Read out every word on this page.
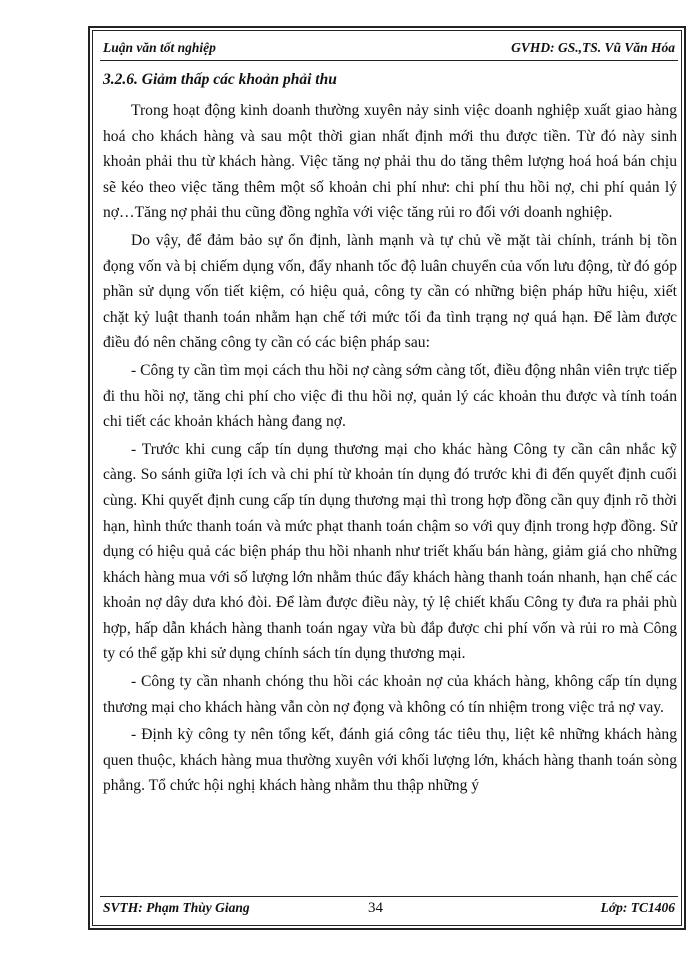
Luận văn tốt nghiệp	GVHD: GS.,TS. Vũ Văn Hóa
3.2.6. Giảm thấp các khoản phải thu

Trong hoạt động kinh doanh thường xuyên nảy sinh việc doanh nghiệp xuất giao hàng hoá cho khách hàng và sau một thời gian nhất định mới thu được tiền. Từ đó này sinh khoản phải thu từ khách hàng. Việc tăng nợ phải thu do tăng thêm lượng hoá hoá bán chịu sẽ kéo theo việc tăng thêm một số khoản chi phí như: chi phí thu hồi nợ, chi phí quản lý nợ…Tăng nợ phải thu cũng đồng nghĩa với việc tăng rủi ro đối với doanh nghiệp.

Do vậy, để đảm bảo sự ổn định, lành mạnh và tự chủ về mặt tài chính, tránh bị tồn đọng vốn và bị chiếm dụng vốn, đẩy nhanh tốc độ luân chuyển của vốn lưu động, từ đó góp phần sử dụng vốn tiết kiệm, có hiệu quả, công ty cần có những biện pháp hữu hiệu, xiết chặt kỷ luật thanh toán nhằm hạn chế tới mức tối đa tình trạng nợ quá hạn. Để làm được điều đó nên chăng công ty cần có các biện pháp sau:

- Công ty cần tìm mọi cách thu hồi nợ càng sớm càng tốt, điều động nhân viên trực tiếp đi thu hồi nợ, tăng chi phí cho việc đi thu hồi nợ, quản lý các khoản thu được và tính toán chi tiết các khoản khách hàng đang nợ.

- Trước khi cung cấp tín dụng thương mại cho khác hàng Công ty cần cân nhắc kỹ càng. So sánh giữa lợi ích và chi phí từ khoản tín dụng đó trước khi đi đến quyết định cuối cùng. Khi quyết định cung cấp tín dụng thương mại thì trong hợp đồng cần quy định rõ thời hạn, hình thức thanh toán và mức phạt thanh toán chậm so với quy định trong hợp đồng. Sử dụng có hiệu quả các biện pháp thu hồi nhanh như triết khấu bán hàng, giảm giá cho những khách hàng mua với số lượng lớn nhằm thúc đẩy khách hàng thanh toán nhanh, hạn chế các khoản nợ dây dưa khó đòi. Để làm được điều này, tỷ lệ chiết khấu Công ty đưa ra phải phù hợp, hấp dẫn khách hàng thanh toán ngay vừa bù đắp được chi phí vốn và rủi ro mà Công ty có thể gặp khi sử dụng chính sách tín dụng thương mại.

- Công ty cần nhanh chóng thu hồi các khoản nợ của khách hàng, không cấp tín dụng thương mại cho khách hàng vẫn còn nợ đọng và không có tín nhiệm trong việc trả nợ vay.

- Định kỳ công ty nên tổng kết, đánh giá công tác tiêu thụ, liệt kê những khách hàng quen thuộc, khách hàng mua thường xuyên với khối lượng lớn, khách hàng thanh toán sòng phẳng. Tổ chức hội nghị khách hàng nhằm thu thập những ý

SVTH: Phạm Thùy Giang	34	Lớp: TC1406
